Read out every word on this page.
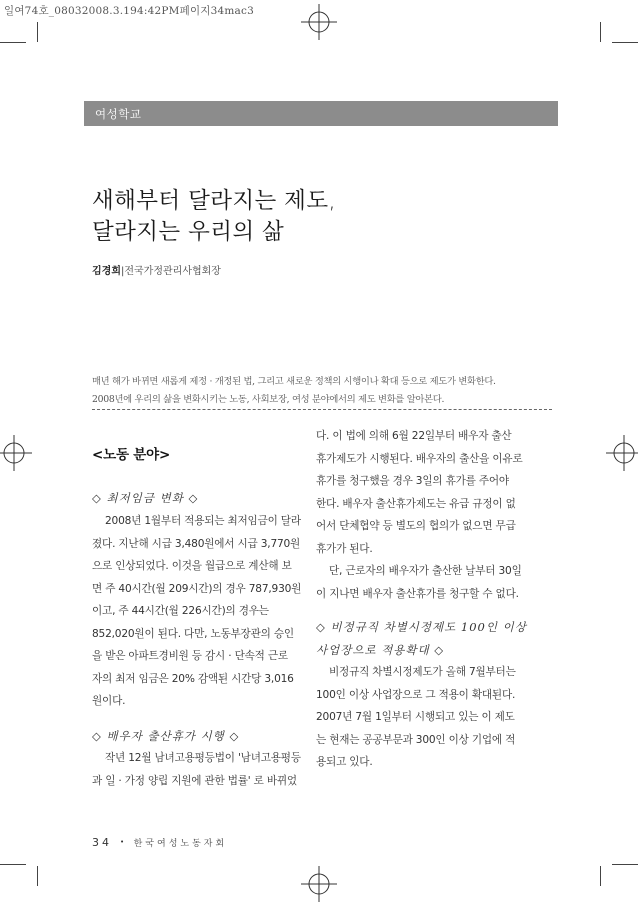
일여74호_08032008.3.194:42PM페이지34mac3
여성학교
새해부터 달라지는 제도,
달라지는 우리의 삶
김경희|전국가정관리사협회장
매년 해가 바뀌면 새롭게 제정 · 개정된 법, 그리고 새로운 정책의 시행이나 확대 등으로 제도가 변화한다.
2008년에 우리의 삶을 변화시키는 노동, 사회보장, 여성 분야에서의 제도 변화를 알아본다.
<노동 분야>
◇ 최저임금 변화 ◇
2008년 1월부터 적용되는 최저임금이 달라
졌다. 지난해 시급 3,480원에서 시급 3,770원
으로 인상되었다. 이것을 월급으로 계산해 보
면 주 40시간(월 209시간)의 경우 787,930원
이고, 주 44시간(월 226시간)의 경우는
852,020원이 된다. 다만, 노동부장관의 승인
을 받은 아파트경비원 등 감시 · 단속적 근로
자의 최저 임금은 20% 감액된 시간당 3,016
원이다.
◇ 배우자 출산휴가 시행 ◇
작년 12월 남녀고용평등법이 '남녀고용평등
과 일 · 가정 양립 지원에 관한 법률' 로 바뀌었
다. 이 법에 의해 6월 22일부터 배우자 출산
휴가제도가 시행된다. 배우자의 출산을 이유로
휴가를 청구했을 경우 3일의 휴가를 주어야
한다. 배우자 출산휴가제도는 유급 규정이 없
어서 단체협약 등 별도의 협의가 없으면 무급
휴가가 된다.
단, 근로자의 배우자가 출산한 날부터 30일
이 지나면 배우자 출산휴가를 청구할 수 없다.
◇ 비정규직 차별시정제도 100인 이상
사업장으로 적용확대 ◇
비정규직 차별시정제도가 올해 7월부터는
100인 이상 사업장으로 그 적용이 확대된다.
2007년 7월 1일부터 시행되고 있는 이 제도
는 현재는 공공부문과 300인 이상 기업에 적
용되고 있다.
34 • 한국여성노동자회
